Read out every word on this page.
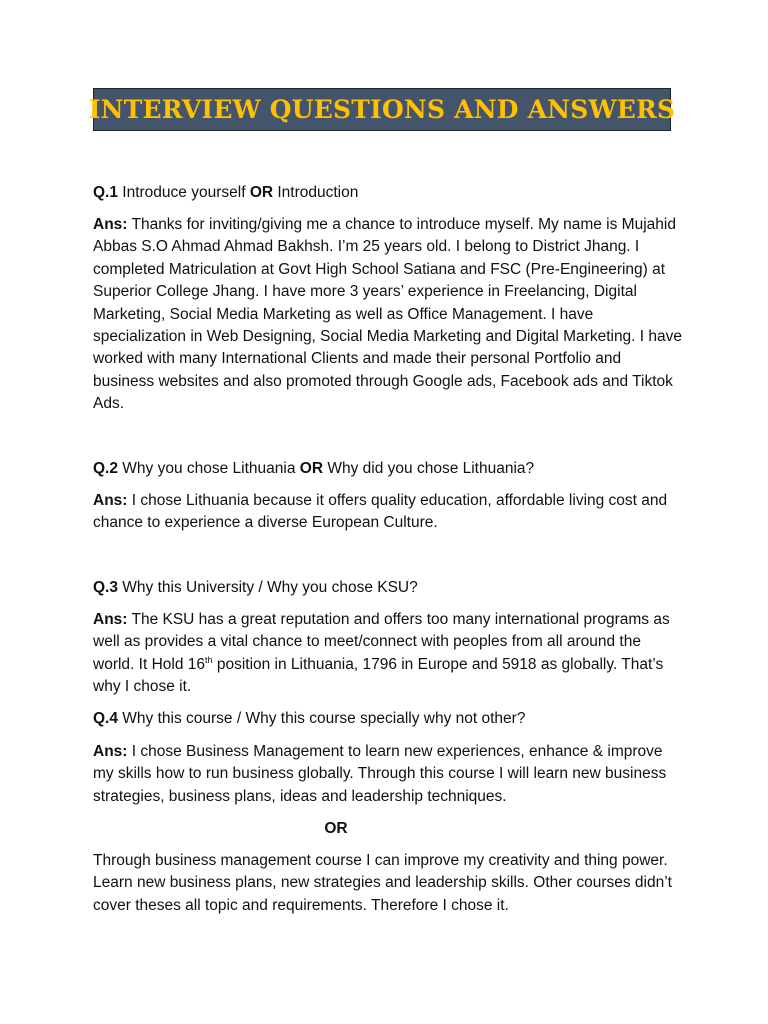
INTERVIEW QUESTIONS AND ANSWERS

Q.1 Introduce yourself OR Introduction

Ans: Thanks for inviting/giving me a chance to introduce myself. My name is Mujahid Abbas S.O Ahmad Ahmad Bakhsh. I’m 25 years old. I belong to District Jhang. I completed Matriculation at Govt High School Satiana and FSC (Pre-Engineering) at Superior College Jhang. I have more 3 years’ experience in Freelancing, Digital Marketing, Social Media Marketing as well as Office Management. I have specialization in Web Designing, Social Media Marketing and Digital Marketing. I have worked with many International Clients and made their personal Portfolio and business websites and also promoted through Google ads, Facebook ads and Tiktok Ads.

Q.2 Why you chose Lithuania OR Why did you chose Lithuania?

Ans: I chose Lithuania because it offers quality education, affordable living cost and chance to experience a diverse European Culture.

Q.3 Why this University / Why you chose KSU?

Ans: The KSU has a great reputation and offers too many international programs as well as provides a vital chance to meet/connect with peoples from all around the world. It Hold 16th position in Lithuania, 1796 in Europe and 5918 as globally. That’s why I chose it.

Q.4 Why this course / Why this course specially why not other?

Ans: I chose Business Management to learn new experiences, enhance & improve my skills how to run business globally. Through this course I will learn new business strategies, business plans, ideas and leadership techniques.

OR

Through business management course I can improve my creativity and thing power. Learn new business plans, new strategies and leadership skills. Other courses didn’t cover theses all topic and requirements. Therefore I chose it.
